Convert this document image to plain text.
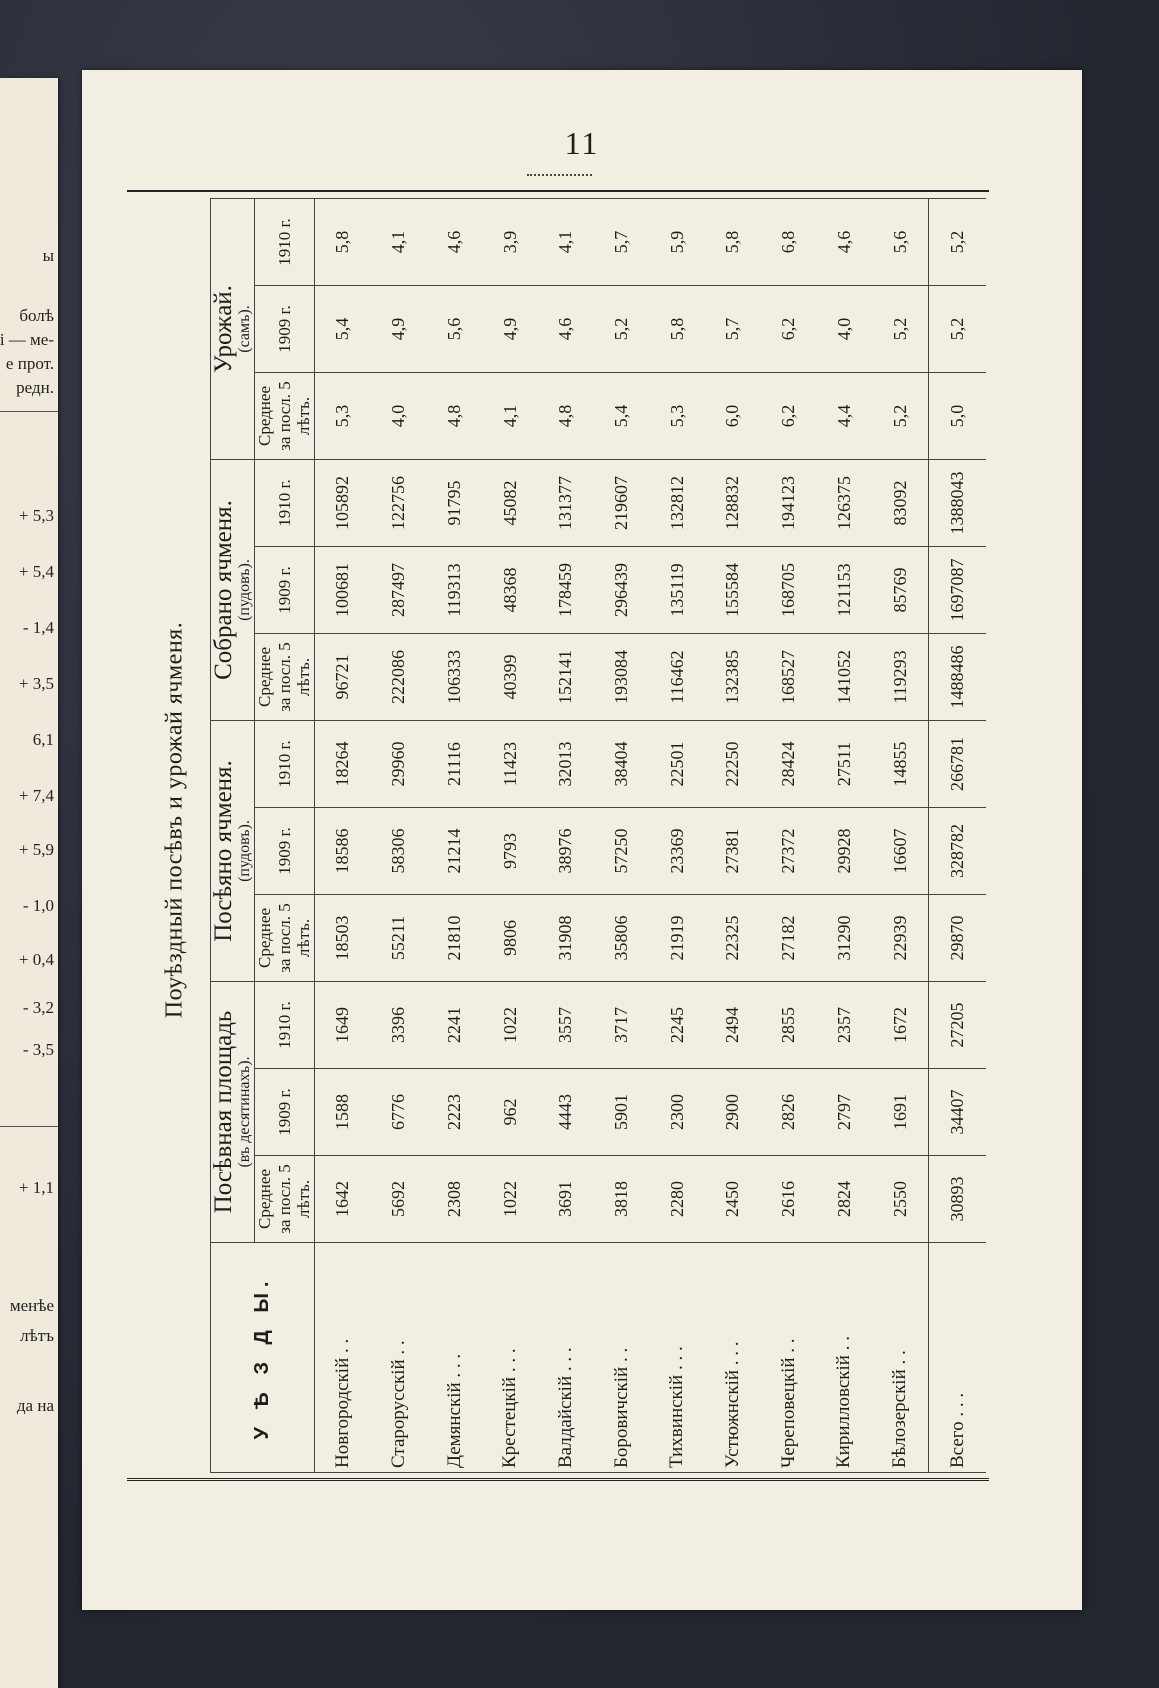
ы
болѣ
і — ме-
е прот.
редн.
+ 5,3
+ 5,4
- 1,4
+ 3,5
6,1
+ 7,4
+ 5,9
- 1,0
+ 0,4
- 3,2
- 3,5
+ 1,1
менѣе
лѣтъ
да на
11
Поуѣздный посѣвъ и урожай ячменя.
У Ѣ З Д Ы.	Посѣвная площадь (въ десятинахъ).			Посѣяно ячменя. (пудовъ).			Собрано ячменя. (пудовъ).			Урожай. (самъ).		

	Среднее за посл. 5 лѣтъ.	1909 г.	1910 г.	Среднее за посл. 5 лѣтъ.	1909 г.	1910 г.	Среднее за посл. 5 лѣтъ.	1909 г.	1910 г.	Среднее за посл. 5 лѣтъ.	1909 г.	1910 г.
Новгородскій . .	1642	1588	1649	18503	18586	18264	96721	100681	105892	5,3	5,4	5,8
Старорусскій . .	5692	6776	3396	55211	58306	29960	222086	287497	122756	4,0	4,9	4,1
Демянскій . . .	2308	2223	2241	21810	21214	21116	106333	119313	91795	4,8	5,6	4,6
Крестецкій . . .	1022	962	1022	9806	9793	11423	40399	48368	45082	4,1	4,9	3,9
Валдайскій . . .	3691	4443	3557	31908	38976	32013	152141	178459	131377	4,8	4,6	4,1
Боровичскій . .	3818	5901	3717	35806	57250	38404	193084	296439	219607	5,4	5,2	5,7
Тихвинскій . . .	2280	2300	2245	21919	23369	22501	116462	135119	132812	5,3	5,8	5,9
Устюжнскій . . .	2450	2900	2494	22325	27381	22250	132385	155584	128832	6,0	5,7	5,8
Череповецкій . .	2616	2826	2855	27182	27372	28424	168527	168705	194123	6,2	6,2	6,8
Кирилловскій . .	2824	2797	2357	31290	29928	27511	141052	121153	126375	4,4	4,0	4,6
Бѣлозерскій . .	2550	1691	1672	22939	16607	14855	119293	85769	83092	5,2	5,2	5,6
Всего . . .	30893	34407	27205	29870	328782	266781	1488486	1697087	1388043	5,0	5,2	5,2
